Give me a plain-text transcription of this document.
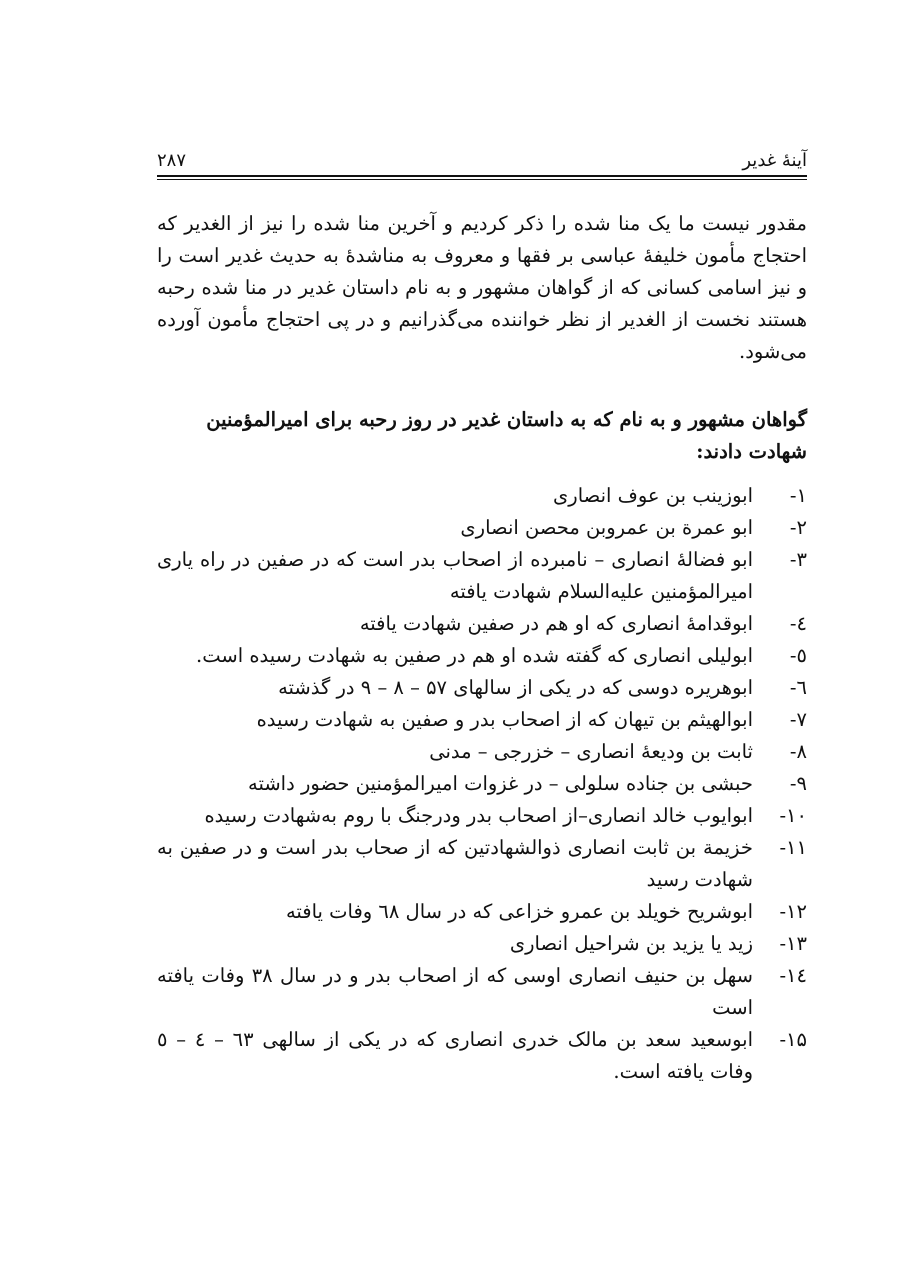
آینهٔ غدیر
۲۸۷

مقدور نیست ما یک منا شده را ذکر کردیم و آخرین منا شده را نیز از الغدیر که احتجاج مأمون خلیفهٔ عباسی بر فقها و معروف به مناشدهٔ به حدیث غدیر است را و نیز اسامی کسانی که از گواهان مشهور و به نام داستان غدیر در منا شده رحبه هستند نخست از الغدیر از نظر خواننده می‌گذرانیم و در پی احتجاج مأمون آورده می‌شود.

گواهان مشهور و به نام که به داستان غدیر در روز رحبه برای امیرالمؤمنین شهادت دادند:
۱-
ابوزینب بن عوف انصاری
۲-
ابو عمرة بن عمروبن محصن انصاری
۳-
ابو فضالهٔ انصاری – نامبرده از اصحاب بدر است که در صفین در راه یاری امیرالمؤمنین علیه‌السلام شهادت یافته
٤-
ابوقدامهٔ انصاری که او هم در صفین شهادت یافته
٥-
ابولیلی انصاری که گفته شده او هم در صفین به شهادت رسیده است.
٦-
ابوهریره دوسی که در یکی از سالهای ۵۷ – ۸ – ۹ در گذشته
۷-
ابوالهیثم بن تیهان که از اصحاب بدر و صفین به شهادت رسیده
۸-
ثابت بن ودیعهٔ انصاری – خزرجی – مدنی
۹-
حبشی بن جناده سلولی – در غزوات امیرالمؤمنین حضور داشته
۱۰-
ابوایوب خالد انصاری–از اصحاب بدر ودرجنگ با روم به‌شهادت رسیده
۱۱-
خزیمة بن ثابت انصاری ذوالشهادتین که از صحاب بدر است و در صفین به شهادت رسید
۱۲-
ابوشریح خویلد بن عمرو خزاعی که در سال ٦٨ وفات یافته
۱۳-
زید یا یزید بن شراحیل انصاری
١٤-
سهل بن حنیف انصاری اوسی که از اصحاب بدر و در سال ۳۸ وفات یافته است
۱۵-
ابوسعید سعد بن مالک خدری انصاری که در یکی از سالهی ٦٣ – ٤ – ٥ وفات یافته است.
